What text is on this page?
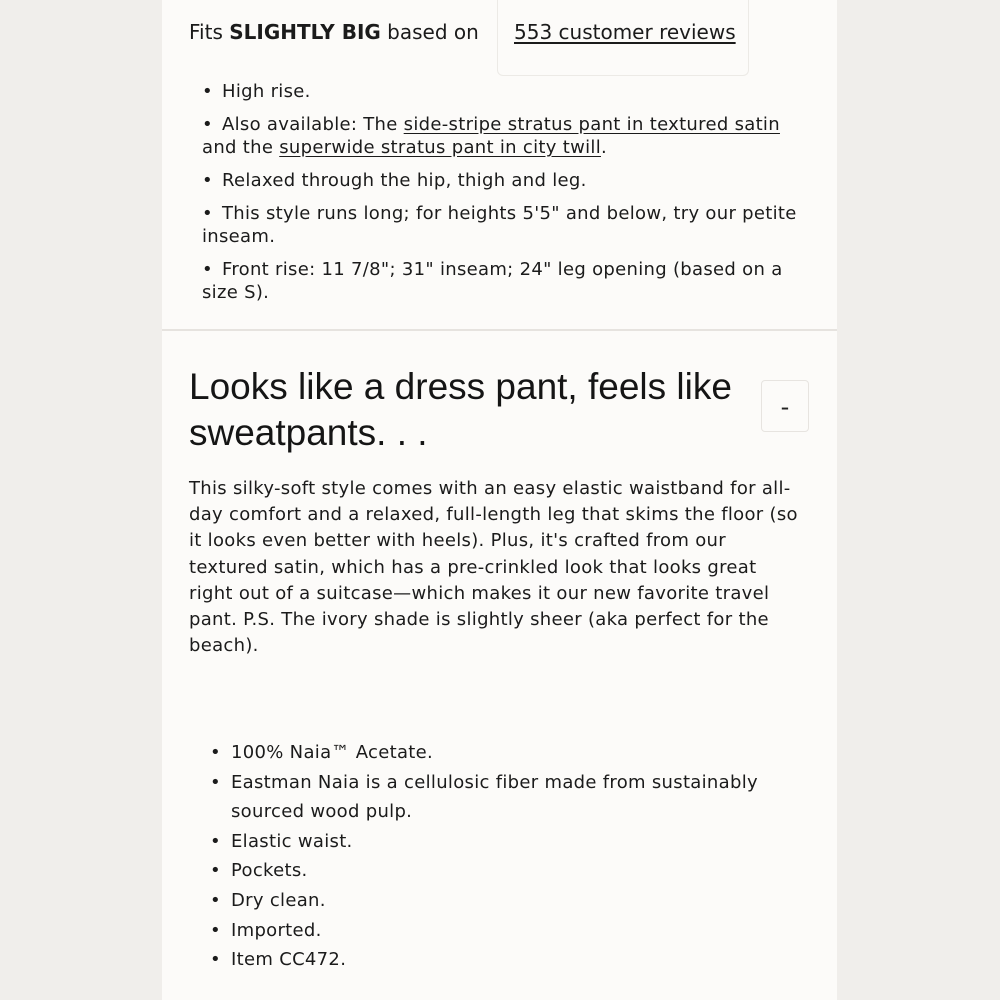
Fits SLIGHTLY BIG based on 553 customer reviews
• High rise.
• Also available: The side-stripe stratus pant in textured satin
and the superwide stratus pant in city twill.
• Relaxed through the hip, thigh and leg.
• This style runs long; for heights 5'5" and below, try our petite inseam.
• Front rise: 11 7/8"; 31" inseam; 24" leg opening (based on a size S).
Looks like a dress pant, feels like sweatpants. . .
-

This silky-soft style comes with an easy elastic waistband for all-day comfort and a relaxed, full-length leg that skims the floor (so it looks even better with heels). Plus, it's crafted from our textured satin, which has a pre-crinkled look that looks great right out of a suitcase—which makes it our new favorite travel pant. P.S. The ivory shade is slightly sheer (aka perfect for the beach).

• 100% Naia™ Acetate.
• Eastman Naia is a cellulosic fiber made from sustainably sourced wood pulp.
• Elastic waist.
• Pockets.
• Dry clean.
• Imported.
• Item CC472.
